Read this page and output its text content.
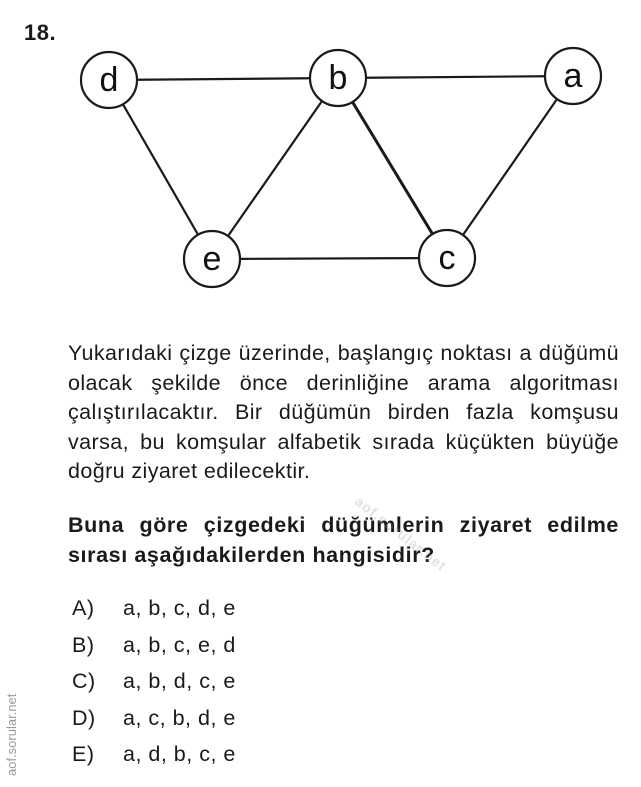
18.
d	b	a
e	c
Yukarıdaki çizge üzerinde, başlangıç noktası a düğümü olacak şekilde önce derinliğine arama algoritması çalıştırılacaktır. Bir düğümün birden fazla komşusu varsa, bu komşular alfabetik sırada küçükten büyüğe doğru ziyaret edilecektir.
Buna göre çizgedeki düğümlerin ziyaret edilme sırası aşağıdakilerden hangisidir?
A) a, b, c, d, e
B) a, b, c, e, d
C) a, b, d, c, e
D) a, c, b, d, e
E) a, d, b, c, e
aof.sorular.net
aof.sorular.net
